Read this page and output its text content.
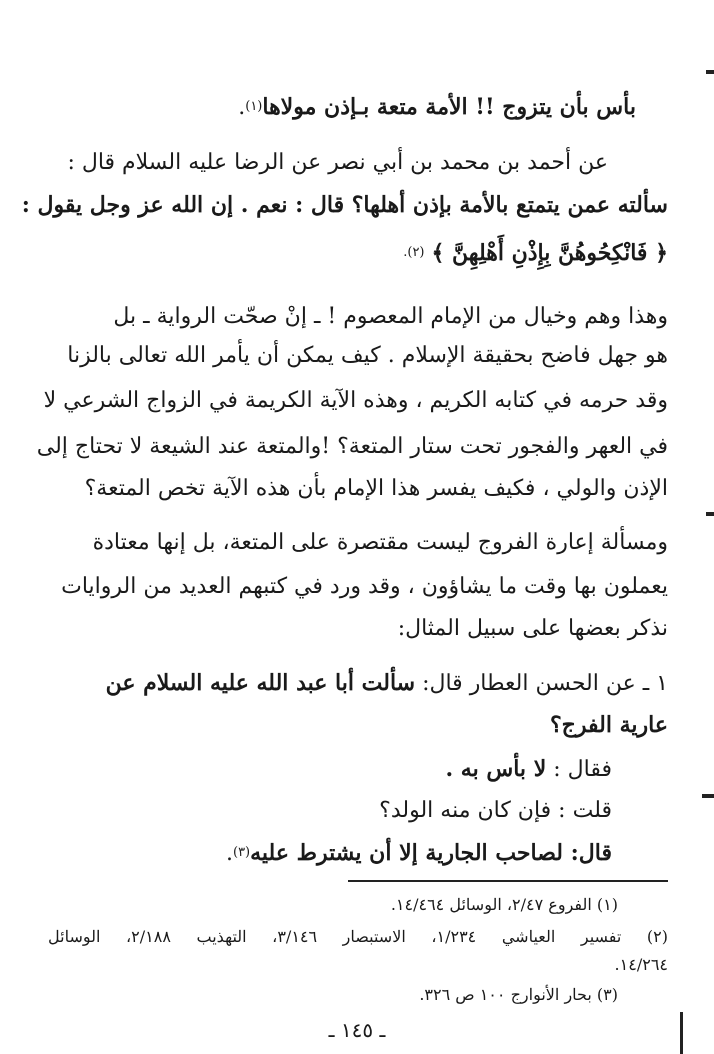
بأس بأن يتزوج !! الأمة متعة بـإذن مولاها(١).
عن أحمد بن محمد بن أبي نصر عن الرضا عليه السلام قال :
سألته عمن يتمتع بالأمة بإذن أهلها؟ قال : نعم . إن الله عز وجل يقول :
﴿ فَانْكِحُوهُنَّ بِإِذْنِ أَهْلِهِنَّ ﴾ (٢).
وهذا وهم وخيال من الإمام المعصوم ! ـ إنْ صحّت الرواية ـ بل
هو جهل فاضح بحقيقة الإسلام . كيف يمكن أن يأمر الله تعالى بالزنا
وقد حرمه في كتابه الكريم ، وهذه الآية الكريمة في الزواج الشرعي لا
في العهر والفجور تحت ستار المتعة؟ !والمتعة عند الشيعة لا تحتاج إلى
الإذن والولي ، فكيف يفسر هذا الإمام بأن هذه الآية تخص المتعة؟
ومسألة إعارة الفروج ليست مقتصرة على المتعة، بل إنها معتادة
يعملون بها وقت ما يشاؤون ، وقد ورد في كتبهم العديد من الروايات
نذكر بعضها على سبيل المثال:
١ ـ عن الحسن العطار قال: سألت أبا عبد الله عليه السلام عن
عارية الفرج؟
فقال : لا بأس به .
قلت : فإن كان منه الولد؟
قال: لصاحب الجارية إلا أن يشترط عليه(٣).
(١) الفروع ٢/٤٧، الوسائل ١٤/٤٦٤.
(٢) تفسير العياشي ١/٢٣٤، الاستبصار ٣/١٤٦، التهذيب ٢/١٨٨، الوسائل
١٤/٢٦٤.
(٣) بحار الأنوارج ١٠٠ ص ٣٢٦.
ـ ١٤٥ ـ
